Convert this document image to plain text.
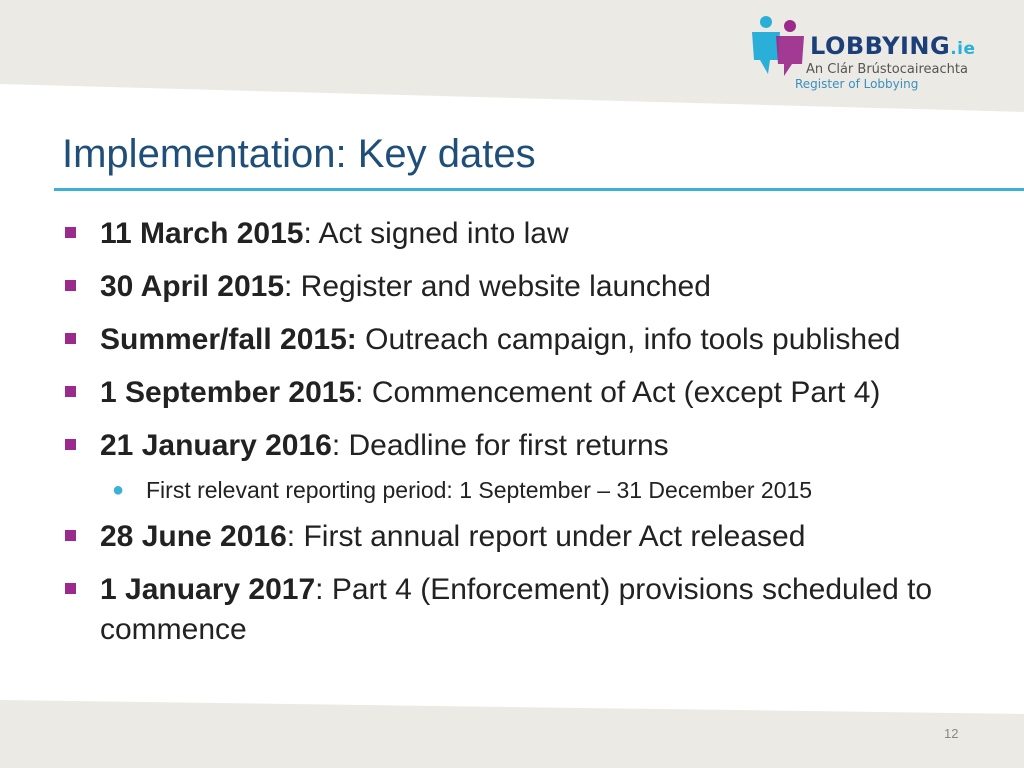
LOBBYING.ie
An Clár Brústocaireachta
Register of Lobbying
Implementation: Key dates
11 March 2015: Act signed into law
30 April 2015: Register and website launched
Summer/fall 2015: Outreach campaign, info tools published
1 September 2015: Commencement of Act (except Part 4)
21 January 2016: Deadline for first returns
● First relevant reporting period: 1 September – 31 December 2015
28 June 2016: First annual report under Act released
1 January 2017: Part 4 (Enforcement) provisions scheduled to commence
12
